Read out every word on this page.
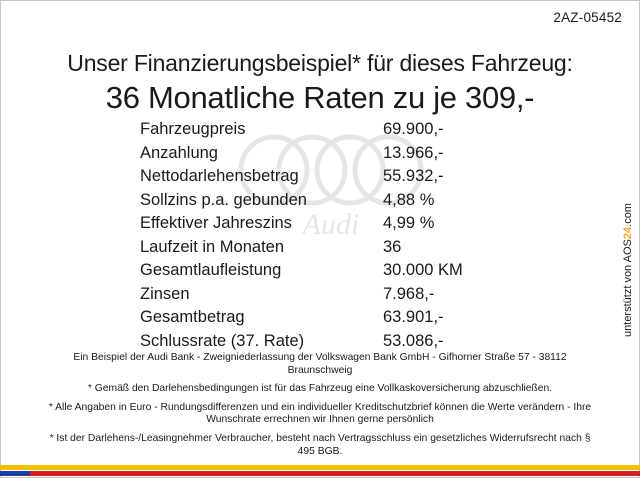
Audi
2AZ-05452
Unser Finanzierungsbeispiel* für dieses Fahrzeug:
36 Monatliche Raten zu je 309,-
Fahrzeugpreis	69.900,-
Anzahlung	13.966,-
Nettodarlehensbetrag	55.932,-
Sollzins p.a. gebunden	4,88 %
Effektiver Jahreszins	4,99 %
Laufzeit in Monaten	36
Gesamtlaufleistung	30.000 KM
Zinsen	7.968,-
Gesamtbetrag	63.901,-
Schlussrate (37. Rate)	53.086,-

Ein Beispiel der Audi Bank - Zweigniederlassung der Volkswagen Bank GmbH - Gifhorner Straße 57 - 38112 Braunschweig

* Gemäß den Darlehensbedingungen ist für das Fahrzeug eine Vollkaskoversicherung abzuschließen.

* Alle Angaben in Euro - Rundungsdifferenzen und ein individueller Kreditschutzbrief können die Werte verändern - Ihre Wunschrate errechnen wir Ihnen gerne persönlich

* Ist der Darlehens-/Leasingnehmer Verbraucher, besteht nach Vertragsschluss ein gesetzliches Widerrufsrecht nach § 495 BGB.

unterstützt von AOS24.com
